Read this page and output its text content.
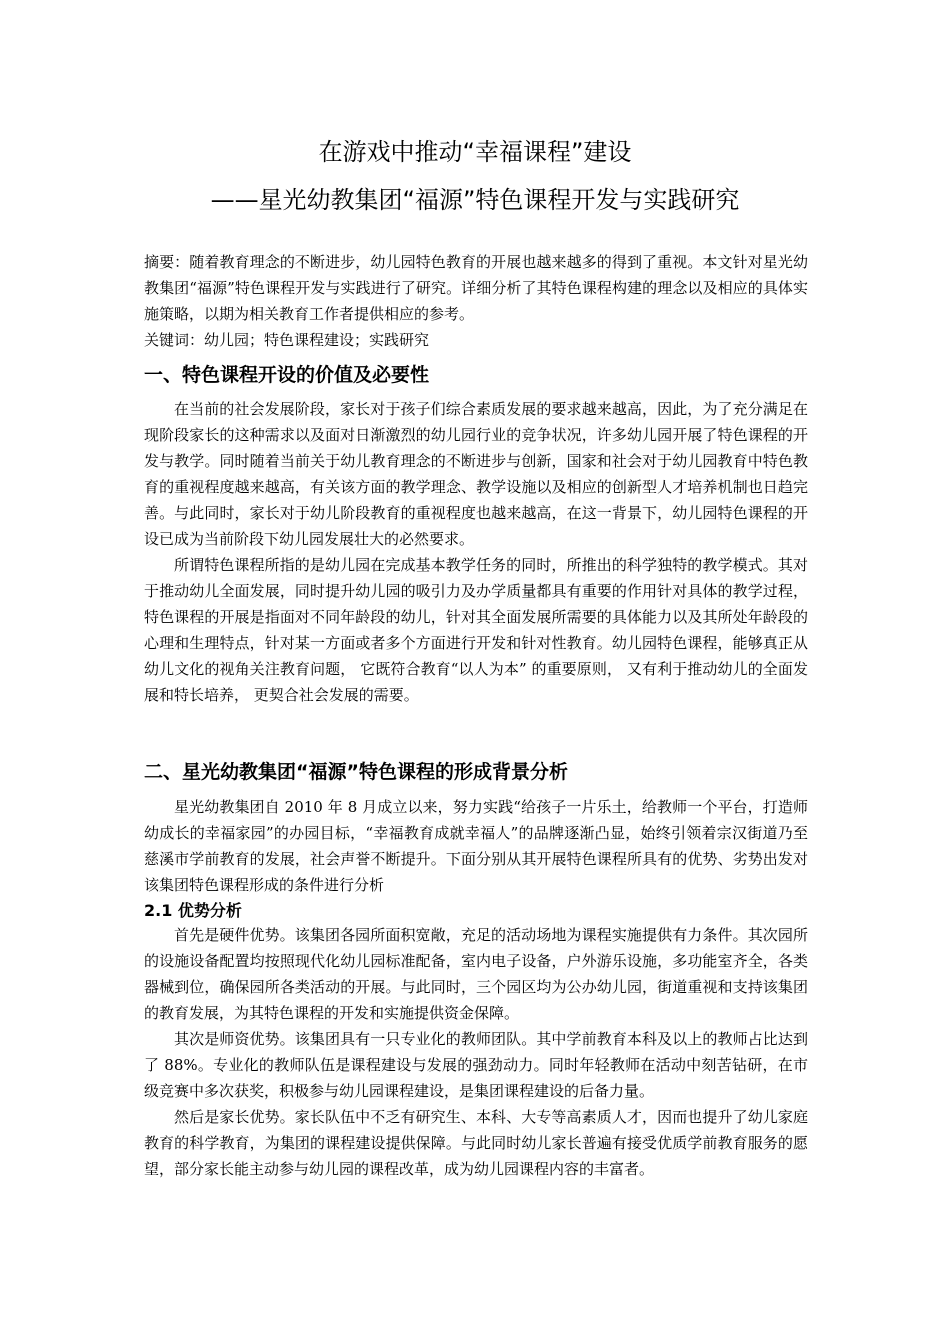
在游戏中推动“幸福课程”建设
——星光幼教集团“福源”特色课程开发与实践研究

摘要：随着教育理念的不断进步，幼儿园特色教育的开展也越来越多的得到了重视。本文针对星光幼教集团“福源”特色课程开发与实践进行了研究。详细分析了其特色课程构建的理念以及相应的具体实施策略，以期为相关教育工作者提供相应的参考。

关键词：幼儿园；特色课程建设；实践研究

一、特色课程开设的价值及必要性

在当前的社会发展阶段，家长对于孩子们综合素质发展的要求越来越高，因此，为了充分满足在现阶段家长的这种需求以及面对日渐激烈的幼儿园行业的竞争状况，许多幼儿园开展了特色课程的开发与教学。同时随着当前关于幼儿教育理念的不断进步与创新，国家和社会对于幼儿园教育中特色教育的重视程度越来越高，有关该方面的教学理念、教学设施以及相应的创新型人才培养机制也日趋完善。与此同时，家长对于幼儿阶段教育的重视程度也越来越高，在这一背景下，幼儿园特色课程的开设已成为当前阶段下幼儿园发展壮大的必然要求。

所谓特色课程所指的是幼儿园在完成基本教学任务的同时，所推出的科学独特的教学模式。其对于推动幼儿全面发展，同时提升幼儿园的吸引力及办学质量都具有重要的作用针对具体的教学过程，特色课程的开展是指面对不同年龄段的幼儿，针对其全面发展所需要的具体能力以及其所处年龄段的心理和生理特点，针对某一方面或者多个方面进行开发和针对性教育。幼儿园特色课程，能够真正从幼儿文化的视角关注教育问题， 它既符合教育“以人为本” 的重要原则， 又有利于推动幼儿的全面发展和特长培养， 更契合社会发展的需要。

二、星光幼教集团“福源”特色课程的形成背景分析

星光幼教集团自 2010 年 8 月成立以来，努力实践“给孩子一片乐土，给教师一个平台，打造师幼成长的幸福家园”的办园目标，“幸福教育成就幸福人”的品牌逐渐凸显，始终引领着宗汉街道乃至慈溪市学前教育的发展，社会声誉不断提升。下面分别从其开展特色课程所具有的优势、劣势出发对该集团特色课程形成的条件进行分析

2.1 优势分析

首先是硬件优势。该集团各园所面积宽敞，充足的活动场地为课程实施提供有力条件。其次园所的设施设备配置均按照现代化幼儿园标准配备，室内电子设备，户外游乐设施，多功能室齐全，各类器械到位，确保园所各类活动的开展。与此同时，三个园区均为公办幼儿园，街道重视和支持该集团的教育发展，为其特色课程的开发和实施提供资金保障。

其次是师资优势。该集团具有一只专业化的教师团队。其中学前教育本科及以上的教师占比达到了 88%。专业化的教师队伍是课程建设与发展的强劲动力。同时年轻教师在活动中刻苦钻研，在市级竞赛中多次获奖，积极参与幼儿园课程建设，是集团课程建设的后备力量。

然后是家长优势。家长队伍中不乏有研究生、本科、大专等高素质人才，因而也提升了幼儿家庭教育的科学教育，为集团的课程建设提供保障。与此同时幼儿家长普遍有接受优质学前教育服务的愿望，部分家长能主动参与幼儿园的课程改革，成为幼儿园课程内容的丰富者。
